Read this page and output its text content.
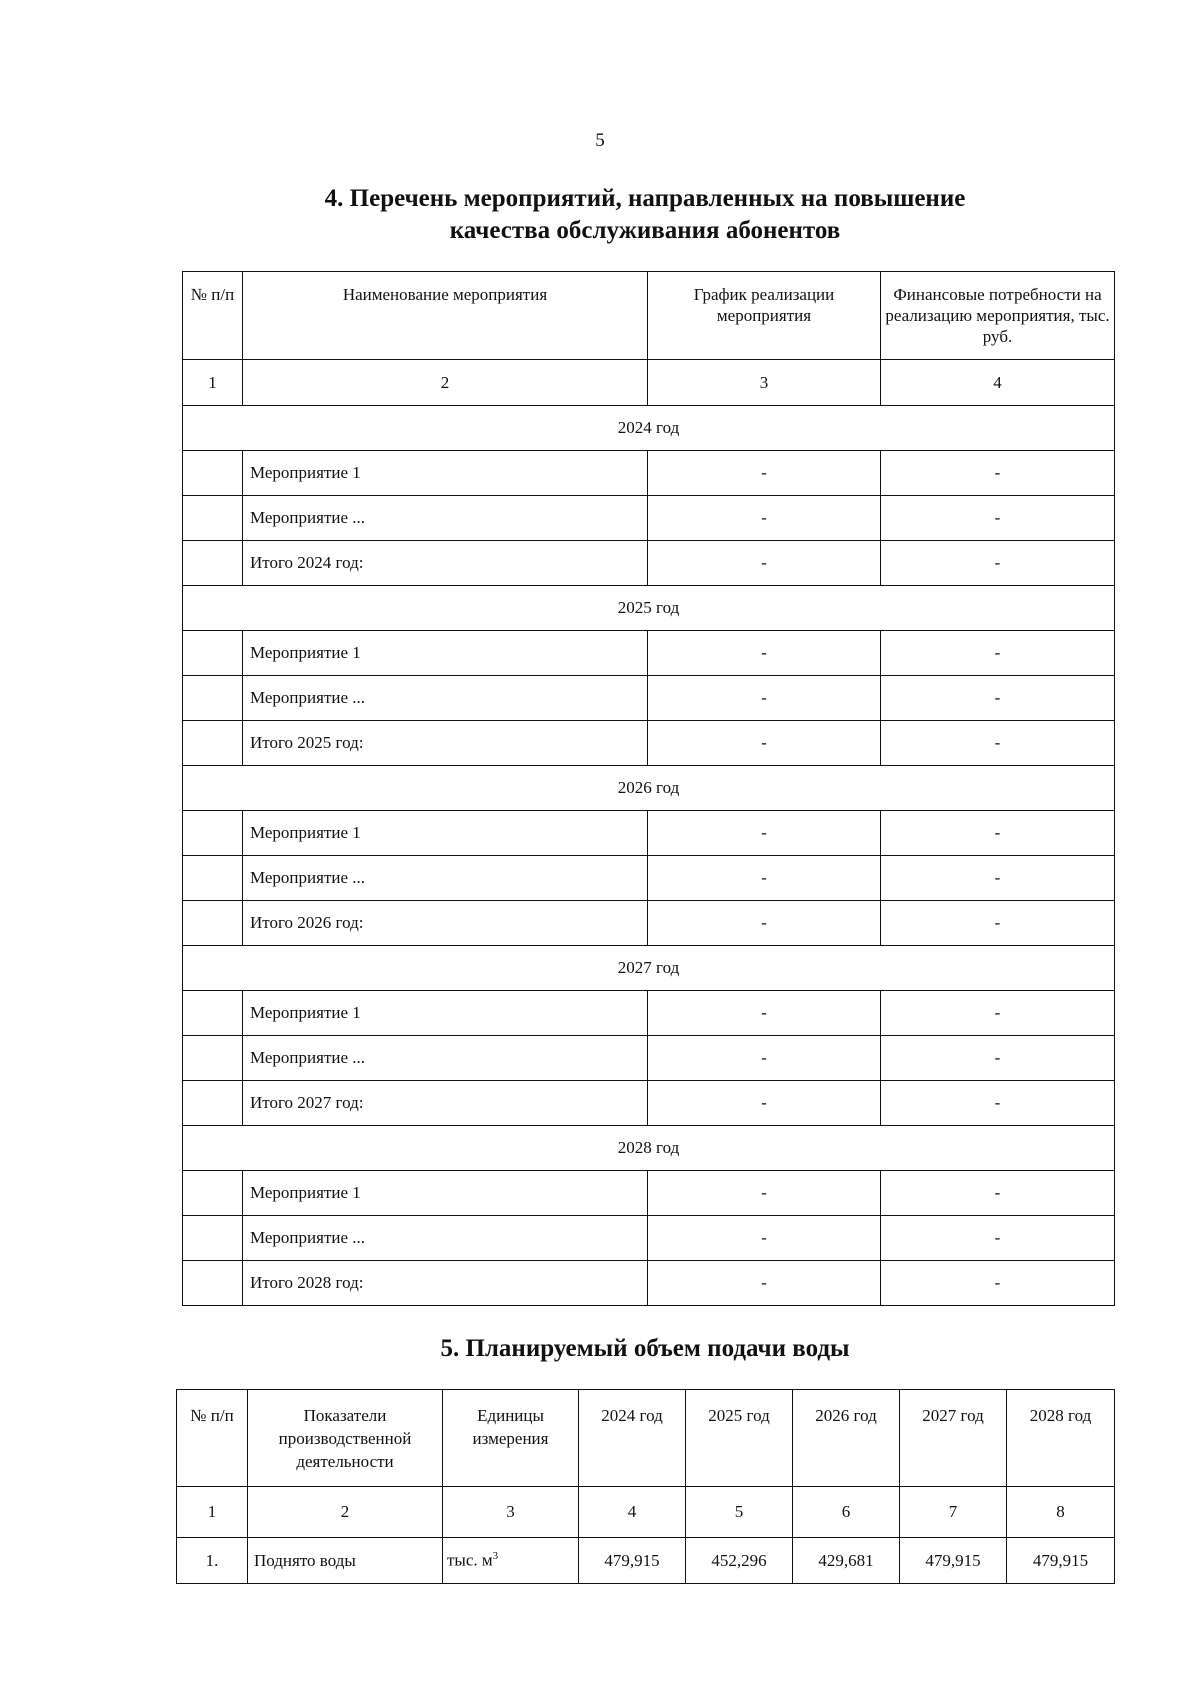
5
4. Перечень мероприятий, направленных на повышение
качества обслуживания абонентов
№ п/п	Наименование мероприятия	График реализации мероприятия	Финансовые потребности на реализацию мероприятия, тыс. руб.
1	2	3	4
2024 год			
	Мероприятие 1	-	-
	Мероприятие ...	-	-
	Итого 2024 год:	-	-
2025 год			
	Мероприятие 1	-	-
	Мероприятие ...	-	-
	Итого 2025 год:	-	-
2026 год			
	Мероприятие 1	-	-
	Мероприятие ...	-	-
	Итого 2026 год:	-	-
2027 год			
	Мероприятие 1	-	-
	Мероприятие ...	-	-
	Итого 2027 год:	-	-
2028 год			
	Мероприятие 1	-	-
	Мероприятие ...	-	-
	Итого 2028 год:	-	-
5. Планируемый объем подачи воды
№ п/п	Показатели производственной деятельности	Единицы измерения	2024 год	2025 год	2026 год	2027 год	2028 год
1	2	3	4	5	6	7	8
1.	Поднято воды	тыс. $м^3$	479,915	452,296	429,681	479,915	479,915
